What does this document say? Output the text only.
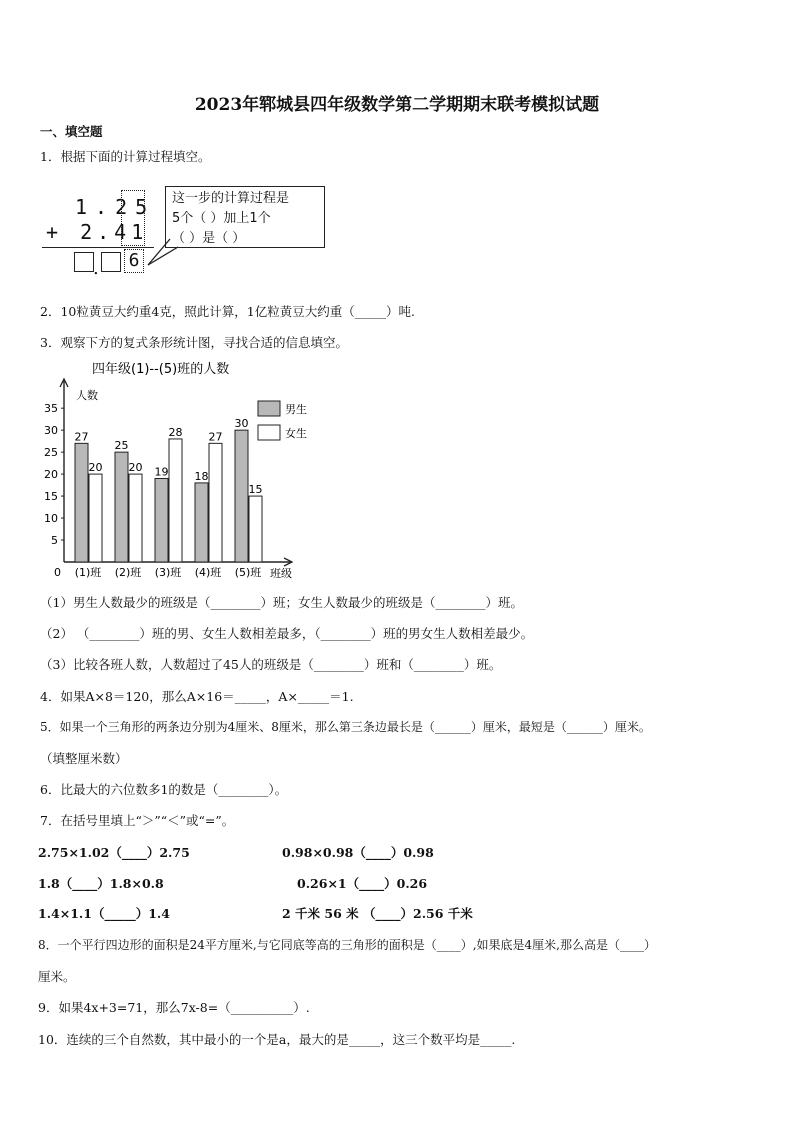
2023年郓城县四年级数学第二学期期末联考模拟试题
一、填空题
1．根据下面的计算过程填空。
1.25
+ 2.41
. 6
这一步的计算过程是
5个（ ）加上1个
（ ）是（ ）
2．10粒黄豆大约重4克，照此计算，1亿粒黄豆大约重（_____）吨.
3．观察下方的复式条形统计图，寻找合适的信息填空。
四年级(1)--(5)班的人数
人数
班级
0
5
10
15
20
25
30
35
27
20
(1)班
25
20
(2)班
19
28
(3)班
18
27
(4)班
30
15
(5)班
男生
女生
（1）男生人数最少的班级是（________）班；女生人数最少的班级是（________）班。
（2） （________）班的男、女生人数相差最多，（________）班的男女生人数相差最少。
（3）比较各班人数，人数超过了45人的班级是（________）班和（________）班。
4．如果A×8＝120，那么A×16＝_____，A×_____＝1.
5．如果一个三角形的两条边分别为4厘米、8厘米，那么第三条边最长是（______）厘米，最短是（______）厘米。
（填整厘米数）
6．比最大的六位数多1的数是（________）。
7．在括号里填上“＞”“＜”或“=”。
2.75×1.02（____）2.75	0.98×0.98（____）0.98
1.8（____）1.8×0.8	0.26×1（____）0.26
1.4×1.1（_____）1.4	2 千米 56 米 （____）2.56 千米
8．一个平行四边形的面积是24平方厘米,与它同底等高的三角形的面积是（____）,如果底是4厘米,那么高是（____）
厘米。
9．如果4x+3=71，那么7x-8=（__________）.
10．连续的三个自然数，其中最小的一个是a，最大的是_____，这三个数平均是_____.
